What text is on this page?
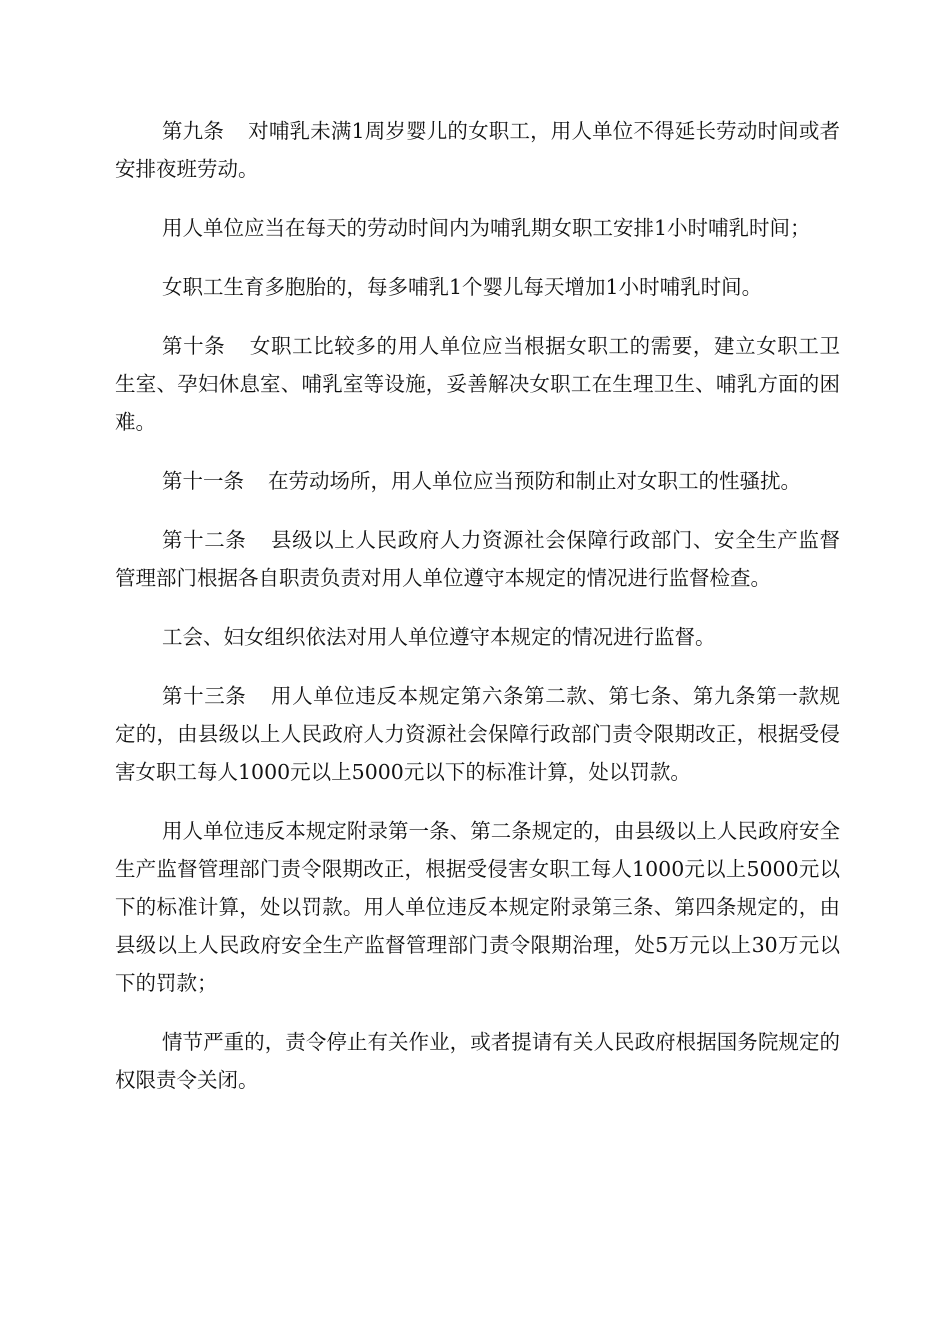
第九条 对哺乳未满1周岁婴儿的女职工，用人单位不得延长劳动时间或者安排夜班劳动。

用人单位应当在每天的劳动时间内为哺乳期女职工安排1小时哺乳时间；

女职工生育多胞胎的，每多哺乳1个婴儿每天增加1小时哺乳时间。

第十条 女职工比较多的用人单位应当根据女职工的需要，建立女职工卫生室、孕妇休息室、哺乳室等设施，妥善解决女职工在生理卫生、哺乳方面的困难。

第十一条 在劳动场所，用人单位应当预防和制止对女职工的性骚扰。

第十二条 县级以上人民政府人力资源社会保障行政部门、安全生产监督管理部门根据各自职责负责对用人单位遵守本规定的情况进行监督检查。

工会、妇女组织依法对用人单位遵守本规定的情况进行监督。

第十三条 用人单位违反本规定第六条第二款、第七条、第九条第一款规定的，由县级以上人民政府人力资源社会保障行政部门责令限期改正，根据受侵害女职工每人1000元以上5000元以下的标准计算，处以罚款。

用人单位违反本规定附录第一条、第二条规定的，由县级以上人民政府安全生产监督管理部门责令限期改正，根据受侵害女职工每人1000元以上5000元以下的标准计算，处以罚款。用人单位违反本规定附录第三条、第四条规定的，由县级以上人民政府安全生产监督管理部门责令限期治理，处5万元以上30万元以下的罚款；

情节严重的，责令停止有关作业，或者提请有关人民政府根据国务院规定的权限责令关闭。
